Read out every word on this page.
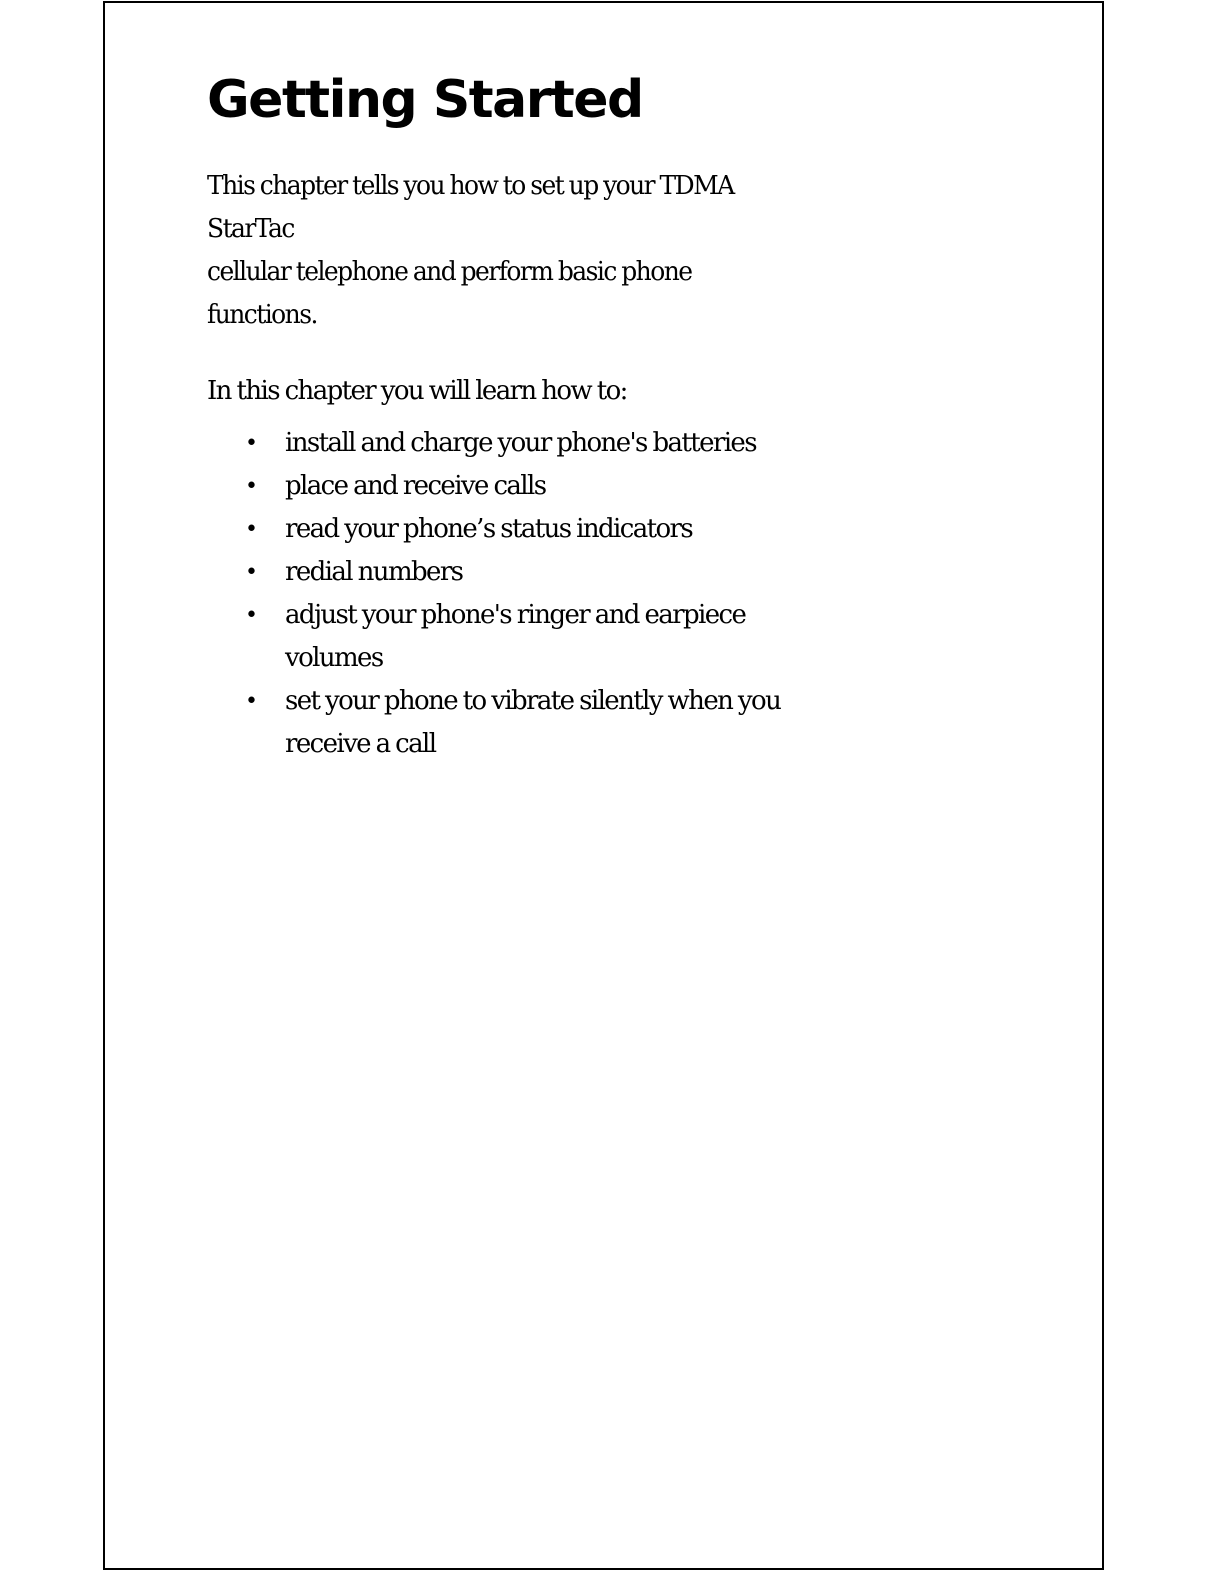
Getting Started

This chapter tells you how to set up your TDMA StarTac
cellular telephone and perform basic phone functions.

In this chapter you will learn how to:

• install and charge your phone's batteries
• place and receive calls
• read your phone’s status indicators
• redial numbers
• adjust your phone's ringer and earpiece volumes
• set your phone to vibrate silently when you receive a call
